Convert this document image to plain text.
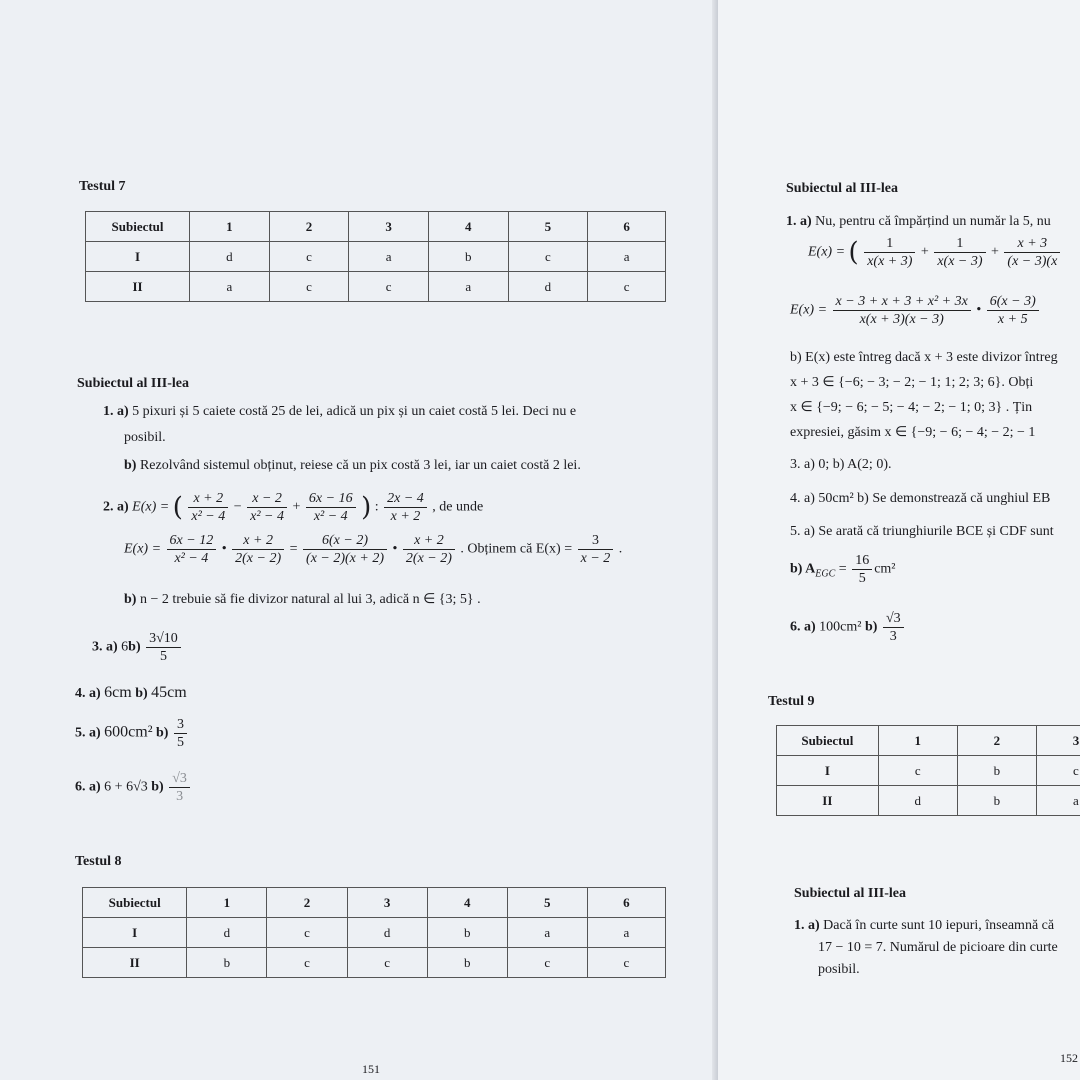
Testul 7
Subiectul	1	2	3	4	5	6
I	d	c	a	b	c	a
II	a	c	c	a	d	c
Subiectul al III-lea
1. a) 5 pixuri și 5 caiete costă 25 de lei, adică un pix și un caiet costă 5 lei. Deci nu e
posibil.
b) Rezolvând sistemul obținut, reiese că un pix costă 3 lei, iar un caiet costă 2 lei.
2. a) E(x) = ( $\frac{x + 2}{\text{x² − 4}} - \frac{x - 2}{\text{x² − 4}} + \frac{6x - 16}{\text{x² − 4}}$ ) : $\frac{2x - 4}{x + 2}$ , de unde
$E(x) = \frac{6x - 12}{\text{x² − 4}}$ • $\frac{x + 2}{2(x - 2)} = \frac{6(x - 2)}{(x - 2)(x + 2)}$ • $\frac{x + 2}{2(x - 2)}$ . Obținem că $E(x) = \frac{3}{x - 2}$ .
b) n − 2 trebuie să fie divizor natural al lui 3, adică n ∈ {3; 5} .
3. a) $6b) \frac{3√10}{5}$
4. a) 6cm b) 45cm
5. a) 600cm² $b) \frac{3}{5}$
6. a) 6 + 6√3 $b) \frac{√3}{3}$
Testul 8
Subiectul	1	2	3	4	5	6
I	d	c	d	b	a	a
II	b	c	c	b	c	c
151
Subiectul al III-lea
1. a) Nu, pentru că împărțind un număr la 5, nu
E(x) = ( $\frac{1}{x(x + 3)} + \frac{1}{x(x - 3)} + \frac{x + 3}{(x - 3)(x}$
$E(x) = \frac{\text{x − 3 + x + 3 + x² + 3x}}{x(x + 3)(x - 3)}$ • $\frac{6(x - 3)}{x + 5}$
b) E(x) este întreg dacă x + 3 este divizor întreg
x + 3 ∈ {−6; − 3; − 2; − 1; 1; 2; 3; 6}. Obți
x ∈ {−9; − 6; − 5; − 4; − 2; − 1; 0; 3} . Țin
expresiei, găsim x ∈ {−9; − 6; − 4; − 2; − 1
3. a) 0; b) A(2; 0).
4. a) 50cm² b) Se demonstrează că unghiul EB
5. a) Se arată că triunghiurile BCE și CDF sunt
b) $A_{EGC} = \frac{16}{5} cm^2$
6. a) 100cm² $b) \frac{√3}{3}$
Testul 9
Subiectul	1	2	3
I	c	b	c
II	d	b	a
Subiectul al III-lea
1. a) Dacă în curte sunt 10 iepuri, înseamnă că
17 − 10 = 7. Numărul de picioare din curte
posibil.
152
